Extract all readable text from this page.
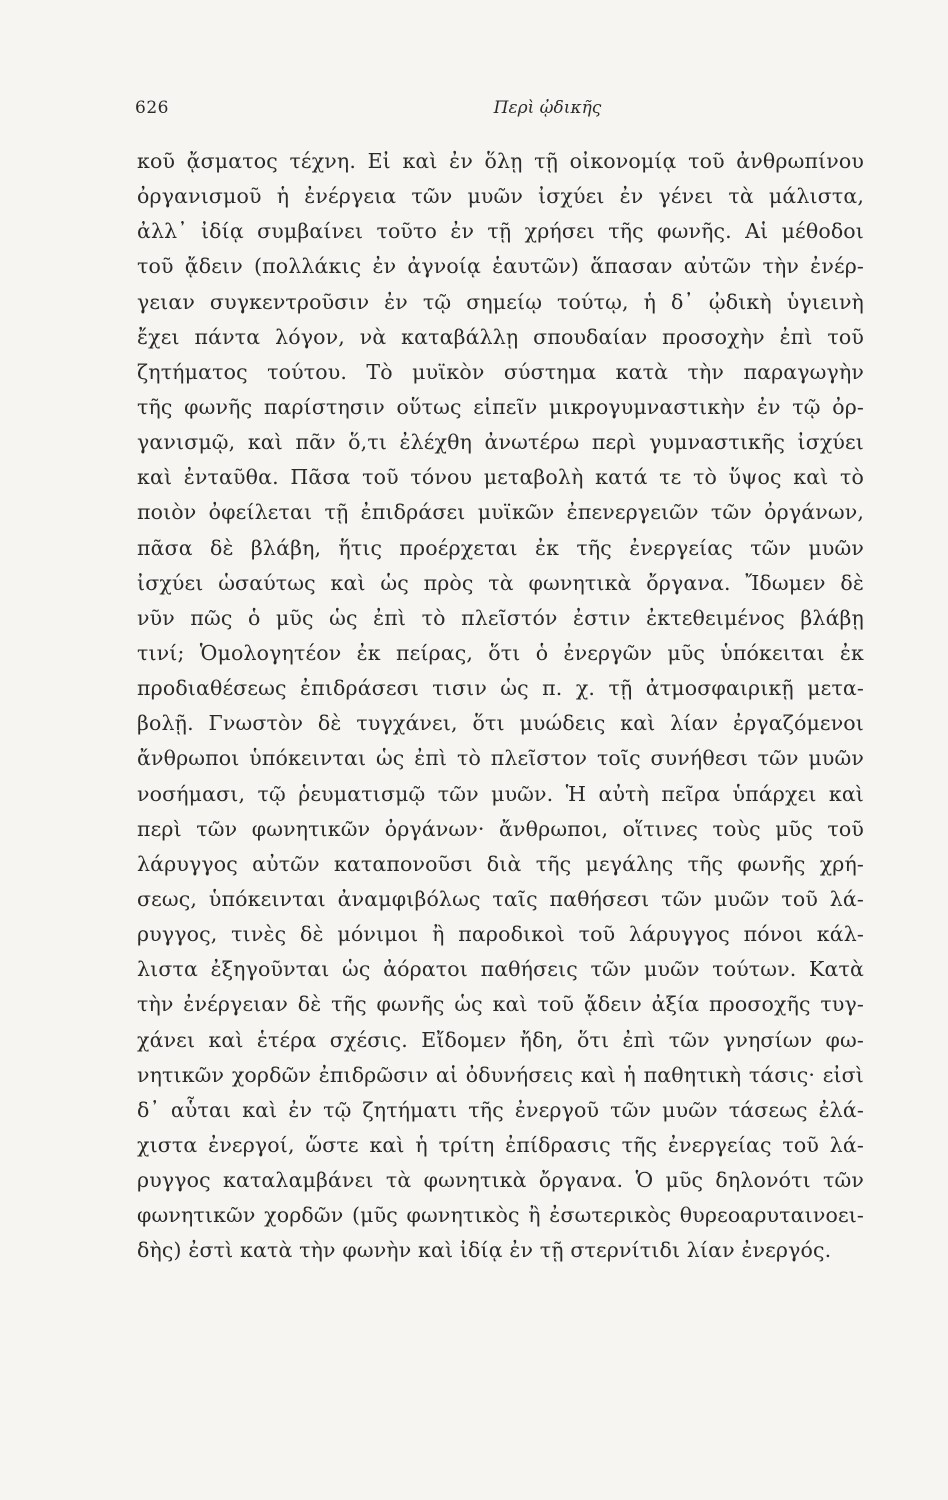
626	Περὶ ᾠδικῆς
κοῦ ᾄσματος τέχνη. Εἰ καὶ ἐν ὅλῃ τῇ οἰκονομίᾳ τοῦ ἀνθρωπίνου
ὀργανισμοῦ ἡ ἐνέργεια τῶν μυῶν ἰσχύει ἐν γένει τὰ μάλιστα,
ἀλλ᾽ ἰδίᾳ συμβαίνει τοῦτο ἐν τῇ χρήσει τῆς φωνῆς. Αἱ μέθοδοι
τοῦ ᾄδειν (πολλάκις ἐν ἀγνοίᾳ ἑαυτῶν) ἅπασαν αὐτῶν τὴν ἐνέρ-
γειαν συγκεντροῦσιν ἐν τῷ σημείῳ τούτῳ, ἡ δ᾽ ᾠδικὴ ὑγιεινὴ
ἔχει πάντα λόγον, νὰ καταβάλλῃ σπουδαίαν προσοχὴν ἐπὶ τοῦ
ζητήματος τούτου. Τὸ μυϊκὸν σύστημα κατὰ τὴν παραγωγὴν
τῆς φωνῆς παρίστησιν οὕτως εἰπεῖν μικρογυμναστικὴν ἐν τῷ ὀρ-
γανισμῷ, καὶ πᾶν ὅ,τι ἐλέχθη ἀνωτέρω περὶ γυμναστικῆς ἰσχύει
καὶ ἐνταῦθα. Πᾶσα τοῦ τόνου μεταβολὴ κατά τε τὸ ὕψος καὶ τὸ
ποιὸν ὀφείλεται τῇ ἐπιδράσει μυϊκῶν ἐπενεργειῶν τῶν ὀργάνων,
πᾶσα δὲ βλάβη, ἥτις προέρχεται ἐκ τῆς ἐνεργείας τῶν μυῶν
ἰσχύει ὡσαύτως καὶ ὡς πρὸς τὰ φωνητικὰ ὄργανα. Ἴδωμεν δὲ
νῦν πῶς ὁ μῦς ὡς ἐπὶ τὸ πλεῖστόν ἐστιν ἐκτεθειμένος βλάβῃ
τινί; Ὁμολογητέον ἐκ πείρας, ὅτι ὁ ἐνεργῶν μῦς ὑπόκειται ἐκ
προδιαθέσεως ἐπιδράσεσι τισιν ὡς π. χ. τῇ ἀτμοσφαιρικῇ μετα-
βολῇ. Γνωστὸν δὲ τυγχάνει, ὅτι μυώδεις καὶ λίαν ἐργαζόμενοι
ἄνθρωποι ὑπόκεινται ὡς ἐπὶ τὸ πλεῖστον τοῖς συνήθεσι τῶν μυῶν
νοσήμασι, τῷ ῥευματισμῷ τῶν μυῶν. Ἡ αὐτὴ πεῖρα ὑπάρχει καὶ
περὶ τῶν φωνητικῶν ὀργάνων· ἄνθρωποι, οἵτινες τοὺς μῦς τοῦ
λάρυγγος αὐτῶν καταπονοῦσι διὰ τῆς μεγάλης τῆς φωνῆς χρή-
σεως, ὑπόκεινται ἀναμφιβόλως ταῖς παθήσεσι τῶν μυῶν τοῦ λά-
ρυγγος, τινὲς δὲ μόνιμοι ἢ παροδικοὶ τοῦ λάρυγγος πόνοι κάλ-
λιστα ἐξηγοῦνται ὡς ἀόρατοι παθήσεις τῶν μυῶν τούτων. Κατὰ
τὴν ἐνέργειαν δὲ τῆς φωνῆς ὡς καὶ τοῦ ᾄδειν ἀξία προσοχῆς τυγ-
χάνει καὶ ἑτέρα σχέσις. Εἴδομεν ἤδη, ὅτι ἐπὶ τῶν γνησίων φω-
νητικῶν χορδῶν ἐπιδρῶσιν αἱ ὀδυνήσεις καὶ ἡ παθητικὴ τάσις· εἰσὶ
δ᾽ αὗται καὶ ἐν τῷ ζητήματι τῆς ἐνεργοῦ τῶν μυῶν τάσεως ἐλά-
χιστα ἐνεργοί, ὥστε καὶ ἡ τρίτη ἐπίδρασις τῆς ἐνεργείας τοῦ λά-
ρυγγος καταλαμβάνει τὰ φωνητικὰ ὄργανα. Ὁ μῦς δηλονότι τῶν
φωνητικῶν χορδῶν (μῦς φωνητικὸς ἢ ἐσωτερικὸς θυρεοαρυταινοει-
δὴς) ἐστὶ κατὰ τὴν φωνὴν καὶ ἰδίᾳ ἐν τῇ στερνίτιδι λίαν ἐνεργός.
